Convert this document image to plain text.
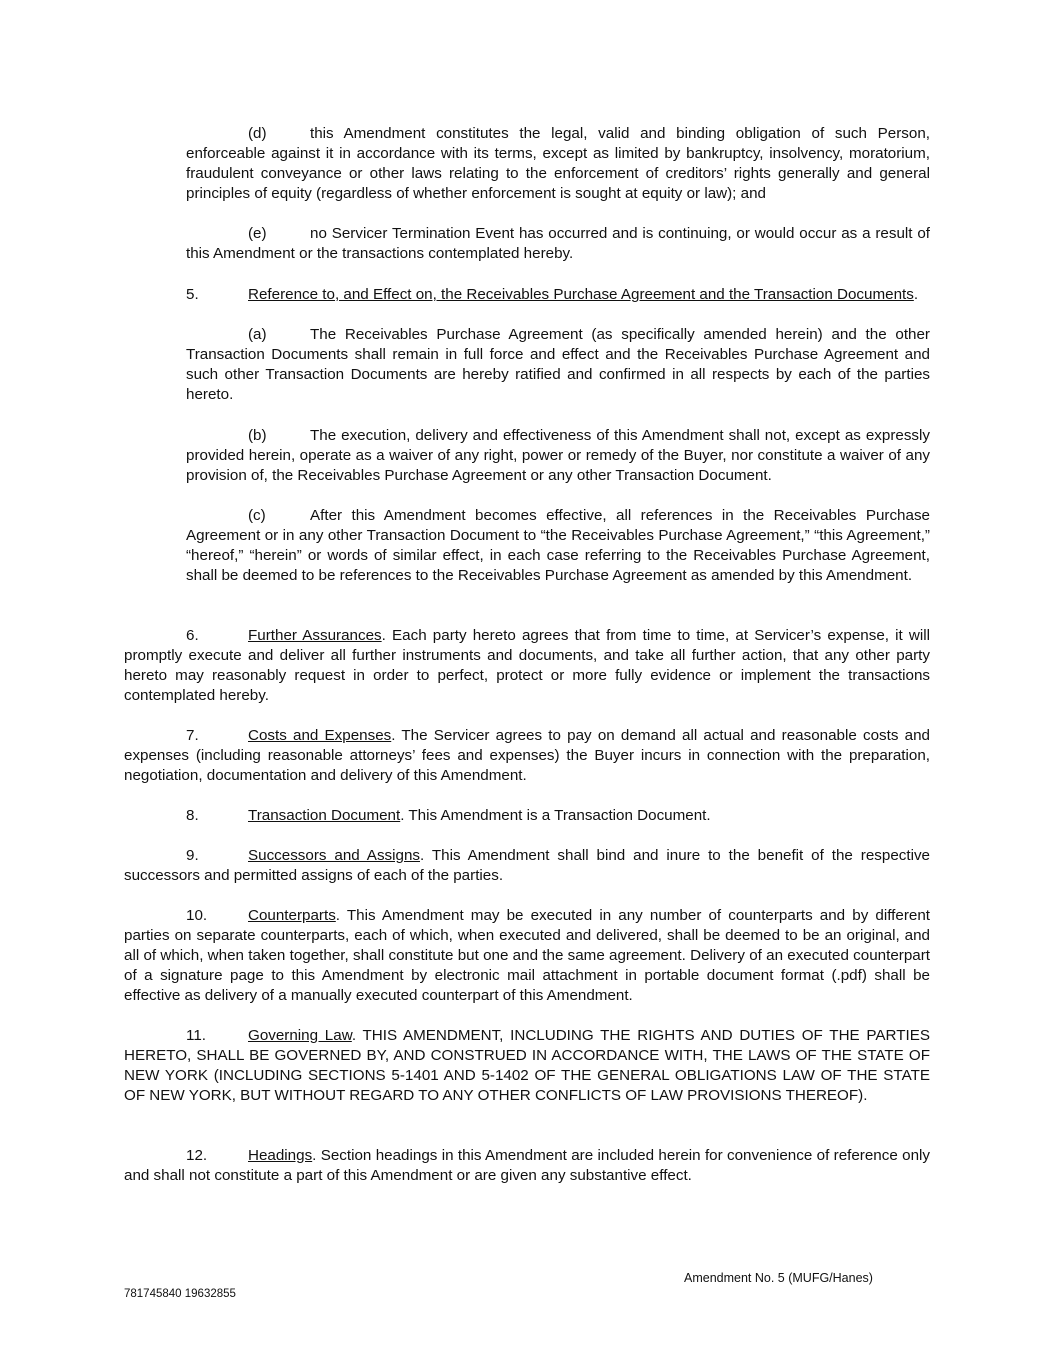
(d)	this Amendment constitutes the legal, valid and binding obligation of such Person, enforceable against it in accordance with its terms, except as limited by bankruptcy, insolvency, moratorium, fraudulent conveyance or other laws relating to the enforcement of creditors’ rights generally and general principles of equity (regardless of whether enforcement is sought at equity or law); and

(e)	no Servicer Termination Event has occurred and is continuing, or would occur as a result of this Amendment or the transactions contemplated hereby.

5.	Reference to, and Effect on, the Receivables Purchase Agreement and the Transaction Documents.

(a)	The Receivables Purchase Agreement (as specifically amended herein) and the other Transaction Documents shall remain in full force and effect and the Receivables Purchase Agreement and such other Transaction Documents are hereby ratified and confirmed in all respects by each of the parties hereto.

(b)	The execution, delivery and effectiveness of this Amendment shall not, except as expressly provided herein, operate as a waiver of any right, power or remedy of the Buyer, nor constitute a waiver of any provision of, the Receivables Purchase Agreement or any other Transaction Document.

(c)	After this Amendment becomes effective, all references in the Receivables Purchase Agreement or in any other Transaction Document to “the Receivables Purchase Agreement,” “this Agreement,” “hereof,” “herein” or words of similar effect, in each case referring to the Receivables Purchase Agreement, shall be deemed to be references to the Receivables Purchase Agreement as amended by this Amendment.

6.	Further Assurances. Each party hereto agrees that from time to time, at Servicer’s expense, it will promptly execute and deliver all further instruments and documents, and take all further action, that any other party hereto may reasonably request in order to perfect, protect or more fully evidence or implement the transactions contemplated hereby.

7.	Costs and Expenses. The Servicer agrees to pay on demand all actual and reasonable costs and expenses (including reasonable attorneys’ fees and expenses) the Buyer incurs in connection with the preparation, negotiation, documentation and delivery of this Amendment.

8.	Transaction Document. This Amendment is a Transaction Document.

9.	Successors and Assigns. This Amendment shall bind and inure to the benefit of the respective successors and permitted assigns of each of the parties.

10.	Counterparts. This Amendment may be executed in any number of counterparts and by different parties on separate counterparts, each of which, when executed and delivered, shall be deemed to be an original, and all of which, when taken together, shall constitute but one and the same agreement. Delivery of an executed counterpart of a signature page to this Amendment by electronic mail attachment in portable document format (.pdf) shall be effective as delivery of a manually executed counterpart of this Amendment.

11.	Governing Law. THIS AMENDMENT, INCLUDING THE RIGHTS AND DUTIES OF THE PARTIES HERETO, SHALL BE GOVERNED BY, AND CONSTRUED IN ACCORDANCE WITH, THE LAWS OF THE STATE OF NEW YORK (INCLUDING SECTIONS 5-1401 AND 5-1402 OF THE GENERAL OBLIGATIONS LAW OF THE STATE OF NEW YORK, BUT WITHOUT REGARD TO ANY OTHER CONFLICTS OF LAW PROVISIONS THEREOF).

12.	Headings. Section headings in this Amendment are included herein for convenience of reference only and shall not constitute a part of this Amendment or are given any substantive effect.

Amendment No. 5 (MUFG/Hanes)
781745840 19632855
